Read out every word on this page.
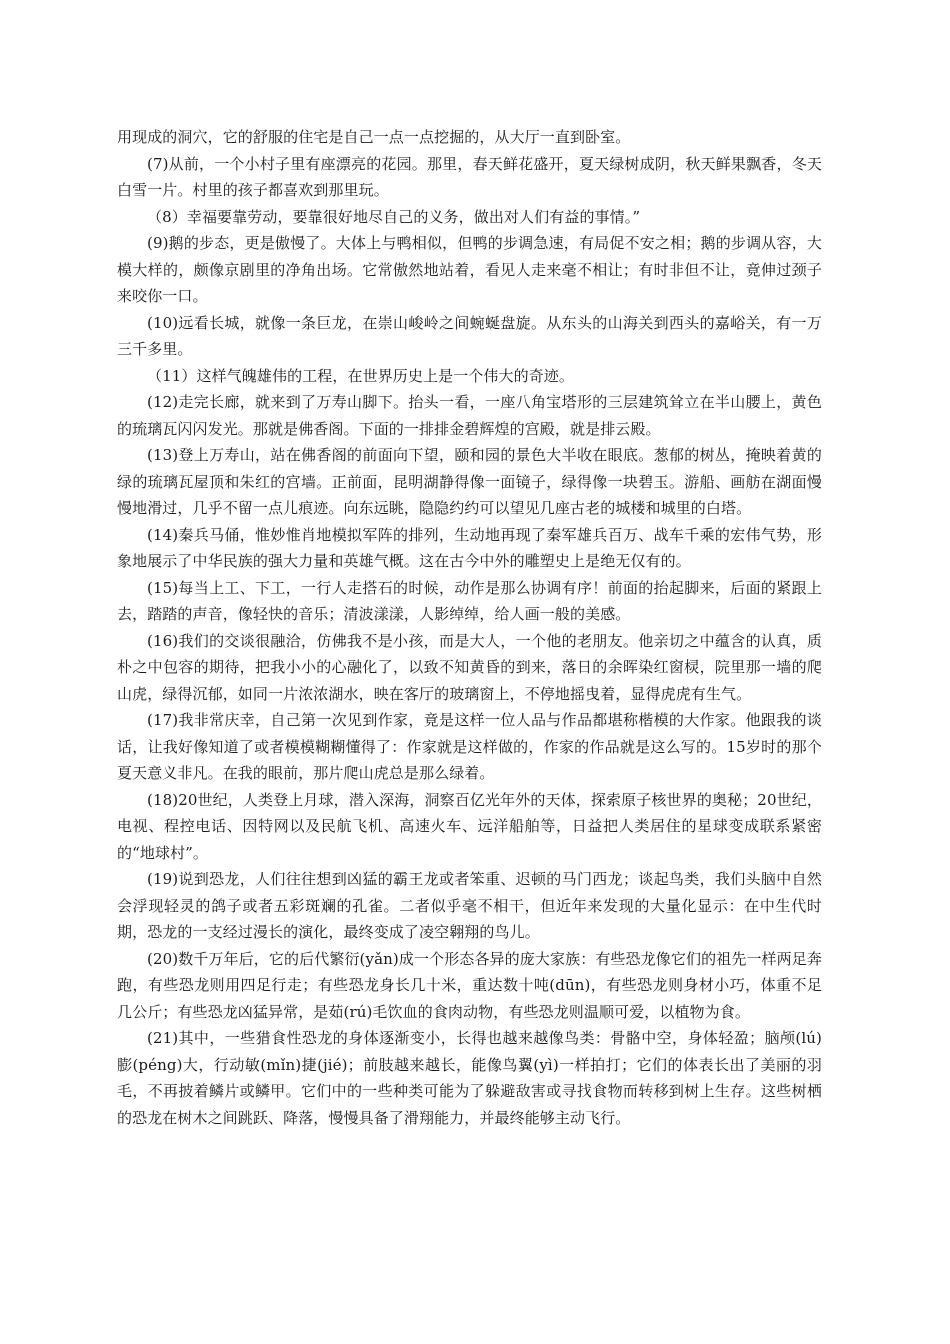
用现成的洞穴，它的舒服的住宅是自己一点一点挖掘的，从大厅一直到卧室。

(7)从前，一个小村子里有座漂亮的花园。那里，春天鲜花盛开，夏天绿树成阴，秋天鲜果飘香，冬天白雪一片。村里的孩子都喜欢到那里玩。

（8）幸福要靠劳动，要靠很好地尽自己的义务，做出对人们有益的事情。”

(9)鹅的步态，更是傲慢了。大体上与鸭相似，但鸭的步调急速，有局促不安之相；鹅的步调从容，大模大样的，颇像京剧里的净角出场。它常傲然地站着，看见人走来毫不相让；有时非但不让，竟伸过颈子来咬你一口。

(10)远看长城，就像一条巨龙，在崇山峻岭之间蜿蜒盘旋。从东头的山海关到西头的嘉峪关，有一万三千多里。

（11）这样气魄雄伟的工程，在世界历史上是一个伟大的奇迹。

(12)走完长廊，就来到了万寿山脚下。抬头一看，一座八角宝塔形的三层建筑耸立在半山腰上，黄色的琉璃瓦闪闪发光。那就是佛香阁。下面的一排排金碧辉煌的宫殿，就是排云殿。

(13)登上万寿山，站在佛香阁的前面向下望，颐和园的景色大半收在眼底。葱郁的树丛，掩映着黄的绿的琉璃瓦屋顶和朱红的宫墙。正前面，昆明湖静得像一面镜子，绿得像一块碧玉。游船、画舫在湖面慢慢地滑过，几乎不留一点儿痕迹。向东远眺，隐隐约约可以望见几座古老的城楼和城里的白塔。

(14)秦兵马俑，惟妙惟肖地模拟军阵的排列，生动地再现了秦军雄兵百万、战车千乘的宏伟气势，形象地展示了中华民族的强大力量和英雄气概。这在古今中外的雕塑史上是绝无仅有的。

(15)每当上工、下工，一行人走搭石的时候，动作是那么协调有序！前面的抬起脚来，后面的紧跟上去，踏踏的声音，像轻快的音乐；清波漾漾，人影绰绰，给人画一般的美感。

(16)我们的交谈很融洽，仿佛我不是小孩，而是大人，一个他的老朋友。他亲切之中蕴含的认真，质朴之中包容的期待，把我小小的心融化了，以致不知黄昏的到来，落日的余晖染红窗棂，院里那一墙的爬山虎，绿得沉郁，如同一片浓浓湖水，映在客厅的玻璃窗上，不停地摇曳着，显得虎虎有生气。

(17)我非常庆幸，自己第一次见到作家，竟是这样一位人品与作品都堪称楷模的大作家。他跟我的谈话，让我好像知道了或者模模糊糊懂得了：作家就是这样做的，作家的作品就是这么写的。15岁时的那个夏天意义非凡。在我的眼前，那片爬山虎总是那么绿着。

(18)20世纪，人类登上月球，潜入深海，洞察百亿光年外的天体，探索原子核世界的奥秘；20世纪，电视、程控电话、因特网以及民航飞机、高速火车、远洋船舶等，日益把人类居住的星球变成联系紧密的“地球村”。

(19)说到恐龙，人们往往想到凶猛的霸王龙或者笨重、迟顿的马门西龙；谈起鸟类，我们头脑中自然会浮现轻灵的鸽子或者五彩斑斓的孔雀。二者似乎毫不相干，但近年来发现的大量化显示：在中生代时期，恐龙的一支经过漫长的演化，最终变成了凌空翱翔的鸟儿。

(20)数千万年后，它的后代繁衍(yǎn)成一个形态各异的庞大家族：有些恐龙像它们的祖先一样两足奔跑，有些恐龙则用四足行走；有些恐龙身长几十米，重达数十吨(dūn)，有些恐龙则身材小巧，体重不足几公斤；有些恐龙凶猛异常，是茹(rú)毛饮血的食肉动物，有些恐龙则温顺可爱，以植物为食。

(21)其中，一些猎食性恐龙的身体逐渐变小，长得也越来越像鸟类：骨骼中空，身体轻盈；脑颅(lú)膨(péng)大，行动敏(mǐn)捷(jié)；前肢越来越长，能像鸟翼(yì)一样拍打；它们的体表长出了美丽的羽毛，不再披着鳞片或鳞甲。它们中的一些种类可能为了躲避敌害或寻找食物而转移到树上生存。这些树栖的恐龙在树木之间跳跃、降落，慢慢具备了滑翔能力，并最终能够主动飞行。
